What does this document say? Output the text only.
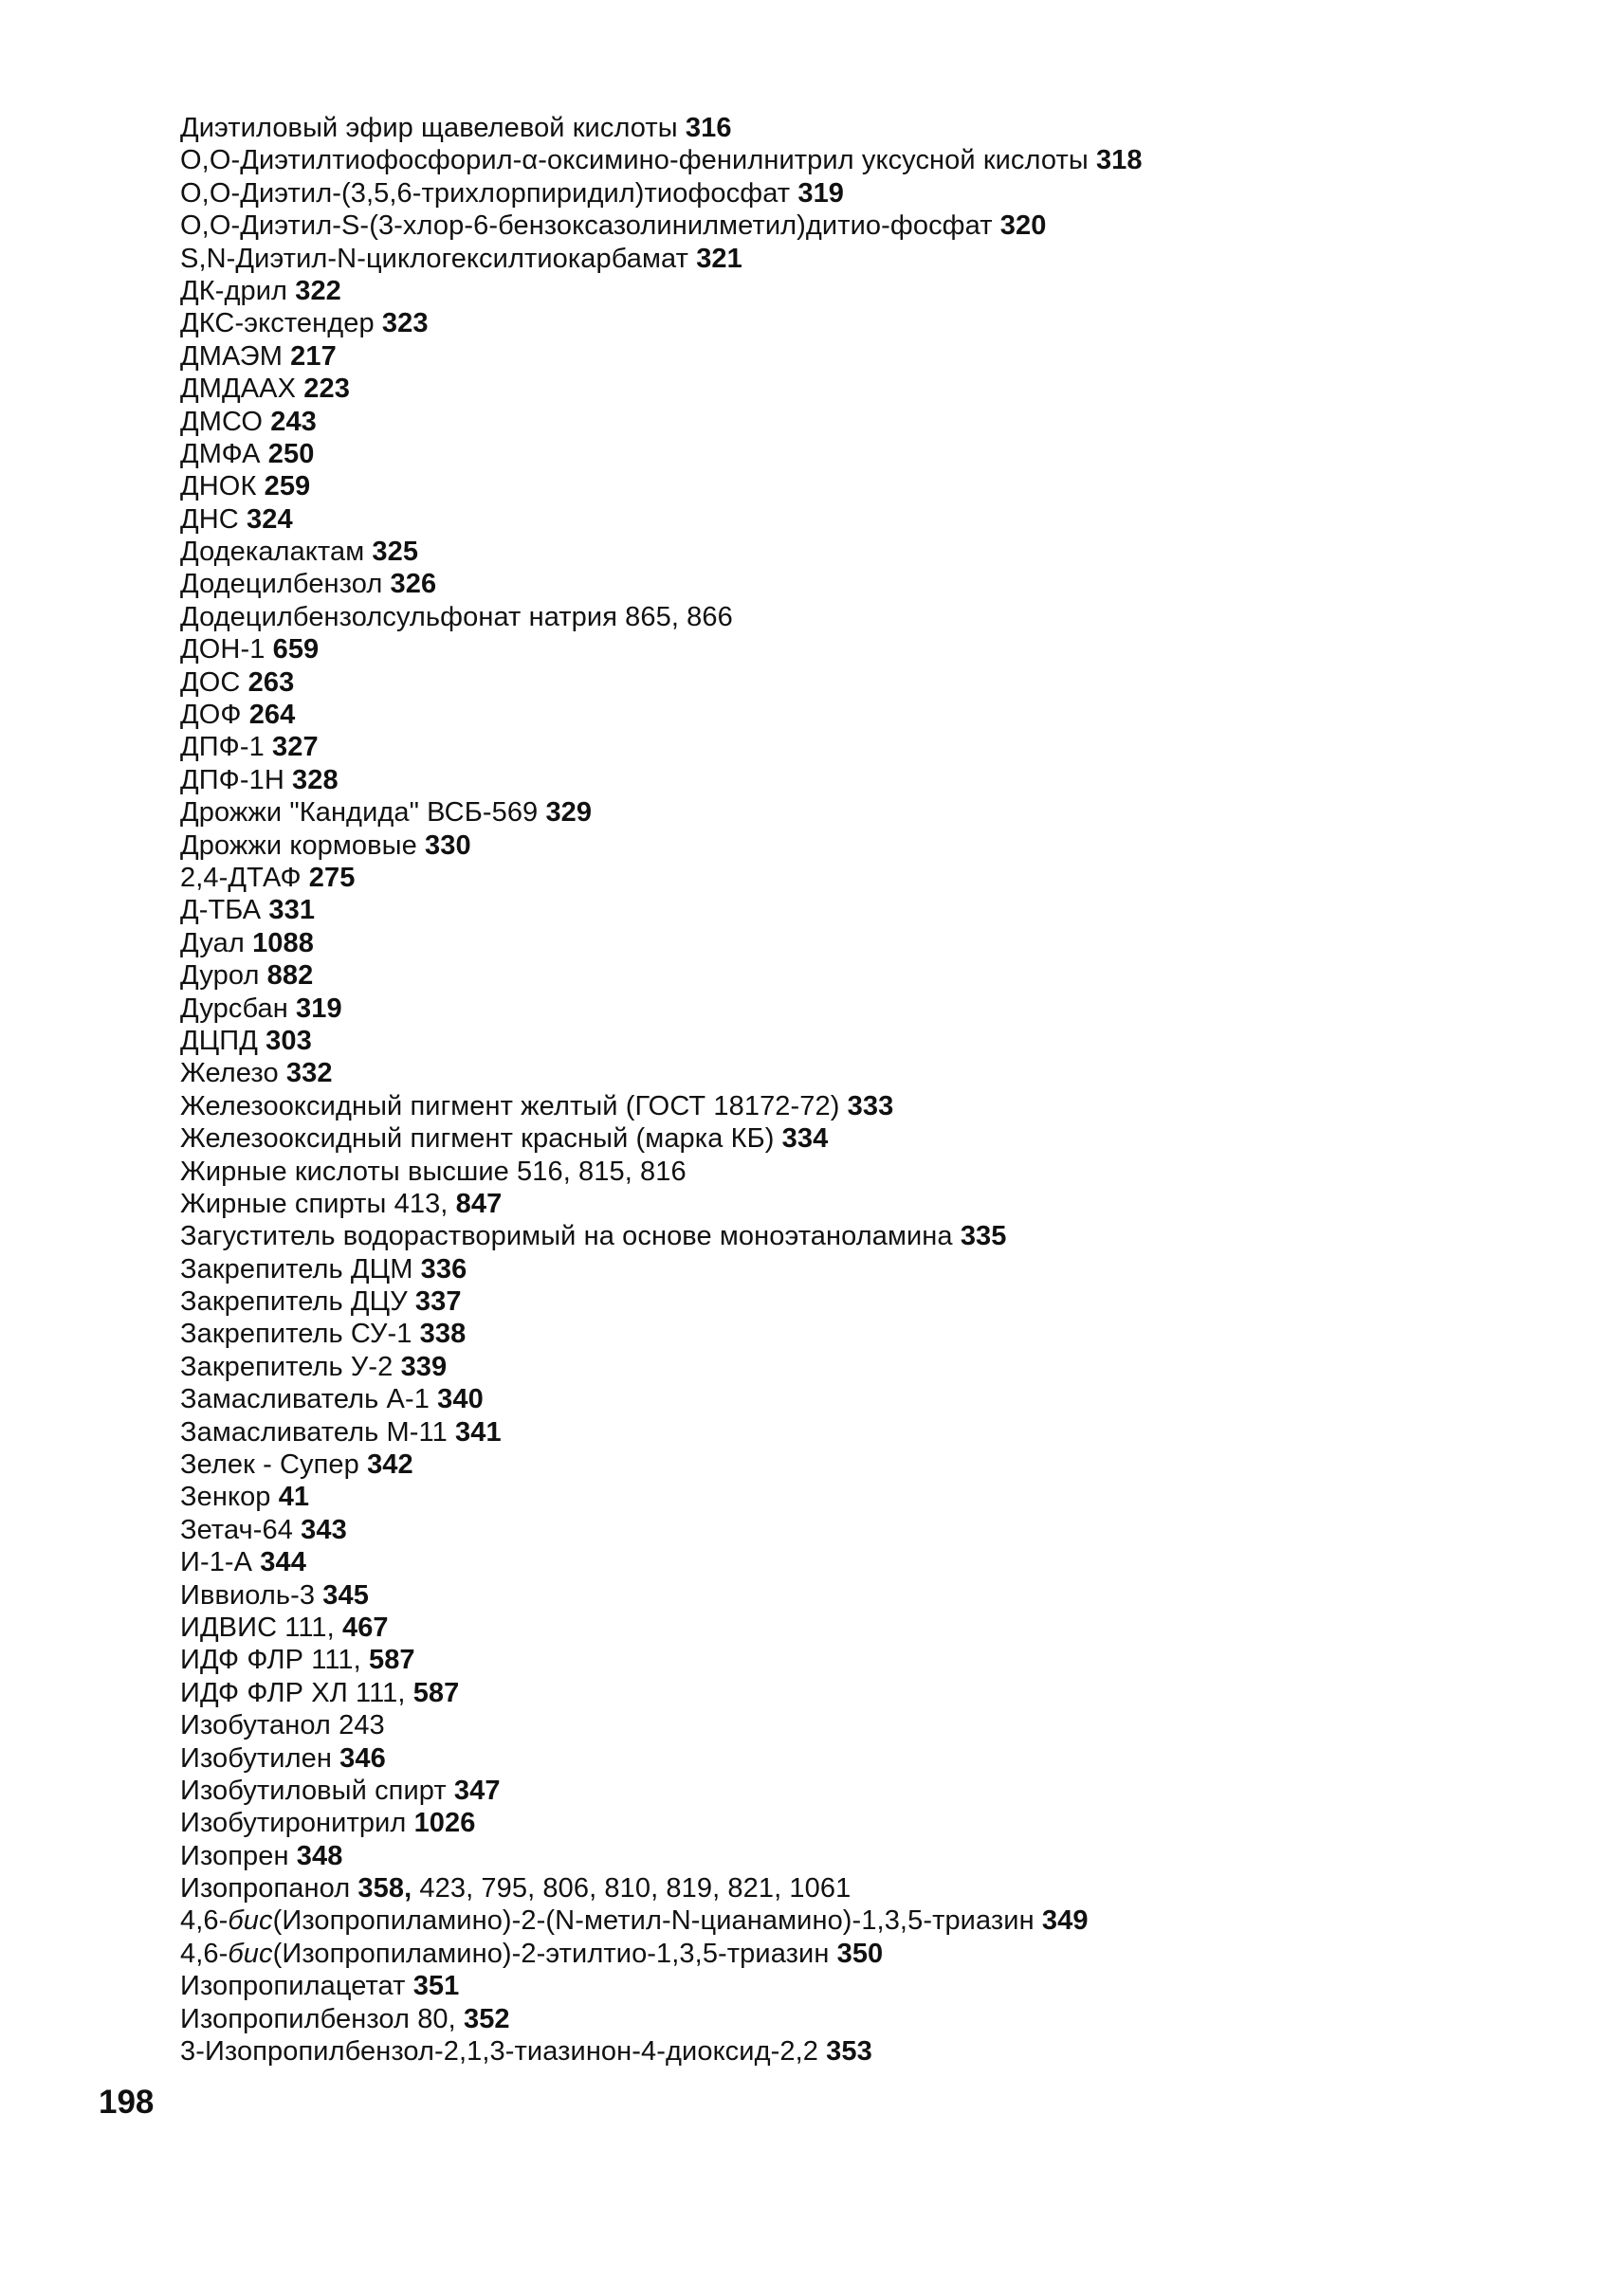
Диэтиловый эфир щавелевой кислоты 316
О,О-Диэтилтиофосфорил-α-оксимино-фенилнитрил уксусной кислоты 318
О,О-Диэтил-(3,5,6-трихлорпиридил)тиофосфат 319
О,О-Диэтил-S-(3-хлор-6-бензоксазолинилметил)дитио-фосфат 320
S,N-Диэтил-N-циклогексилтиокарбамат 321
ДК-дрил 322
ДКС-экстендер 323
ДМАЭМ 217
ДМДААХ 223
ДМСО 243
ДМФА 250
ДНОК 259
ДНС 324
Додекалактам 325
Додецилбензол 326
Додецилбензолсульфонат натрия 865, 866
ДОН-1 659
ДОС 263
ДОФ 264
ДПФ-1 327
ДПФ-1Н 328
Дрожжи "Кандида" ВСБ-569 329
Дрожжи кормовые 330
2,4-ДТАФ 275
Д-ТБА 331
Дуал 1088
Дурол 882
Дурсбан 319
ДЦПД 303
Железо 332
Железооксидный пигмент желтый (ГОСТ 18172-72) 333
Железооксидный пигмент красный (марка КБ) 334
Жирные кислоты высшие 516, 815, 816
Жирные спирты 413, 847
Загуститель водорастворимый на основе моноэтаноламина 335
Закрепитель ДЦМ 336
Закрепитель ДЦУ 337
Закрепитель СУ-1 338
Закрепитель У-2 339
Замасливатель А-1 340
Замасливатель М-11 341
Зелек - Супер 342
Зенкор 41
Зетач-64 343
И-1-А 344
Иввиоль-3 345
ИДВИС 111, 467
ИДФ ФЛР 111, 587
ИДФ ФЛР ХЛ 111, 587
Изобутанол 243
Изобутилен 346
Изобутиловый спирт 347
Изобутиронитрил 1026
Изопрен 348
Изопропанол 358, 423, 795, 806, 810, 819, 821, 1061
4,6-бис(Изопропиламино)-2-(N-метил-N-цианамино)-1,3,5-триазин 349
4,6-бис(Изопропиламино)-2-этилтио-1,3,5-триазин 350
Изопропилацетат 351
Изопропилбензол 80, 352
3-Изопропилбензол-2,1,3-тиазинон-4-диоксид-2,2 353
198
